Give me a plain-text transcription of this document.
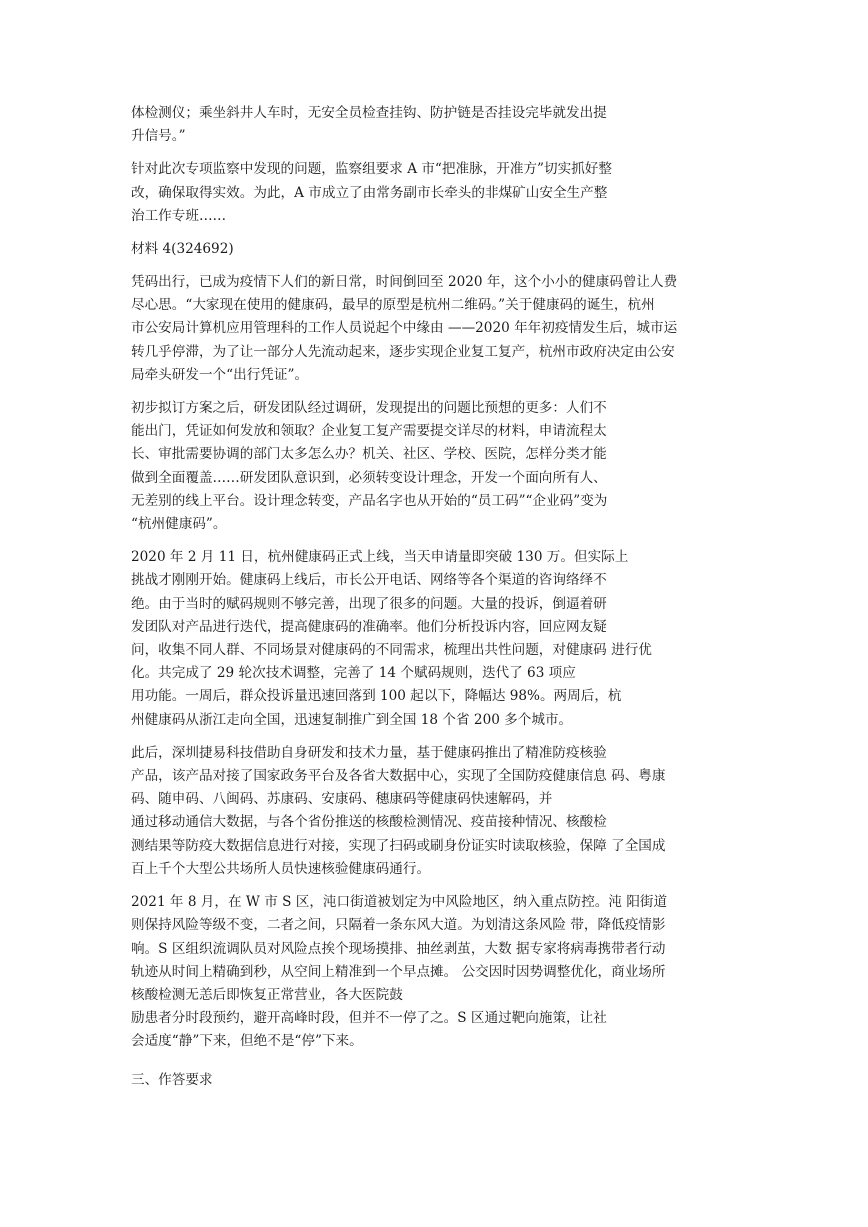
体检测仪；乘坐斜井人车时，无安全员检查挂钩、防护链是否挂设完毕就发出提
升信号。”
针对此次专项监察中发现的问题，监察组要求 A 市“把准脉，开准方”切实抓好整
改，确保取得实效。为此，A 市成立了由常务副市长牵头的非煤矿山安全生产整
治工作专班……
材料 4(324692)
凭码出行，已成为疫情下人们的新日常，时间倒回至 2020 年，这个小小的健康码曾让人费
尽心思。“大家现在使用的健康码，最早的原型是杭州二维码。”关于健康码的诞生，杭州
市公安局计算机应用管理科的工作人员说起个中缘由 ——2020 年年初疫情发生后，城市运
转几乎停滞，为了让一部分人先流动起来，逐步实现企业复工复产，杭州市政府决定由公安
局牵头研发一个“出行凭证”。
初步拟订方案之后，研发团队经过调研，发现提出的问题比预想的更多：人们不
能出门，凭证如何发放和领取？企业复工复产需要提交详尽的材料，申请流程太
长、审批需要协调的部门太多怎么办？机关、社区、学校、医院，怎样分类才能
做到全面覆盖……研发团队意识到，必须转变设计理念，开发一个面向所有人、
无差别的线上平台。设计理念转变，产品名字也从开始的“员工码”“企业码”变为
“杭州健康码”。
2020 年 2 月 11 日，杭州健康码正式上线，当天申请量即突破 130 万。但实际上
挑战才刚刚开始。健康码上线后，市长公开电话、网络等各个渠道的咨询络绎不
绝。由于当时的赋码规则不够完善，出现了很多的问题。大量的投诉，倒逼着研
发团队对产品进行迭代，提高健康码的准确率。他们分析投诉内容，回应网友疑
问，收集不同人群、不同场景对健康码的不同需求，梳理出共性问题，对健康码 进行优
化。共完成了 29 轮次技术调整，完善了 14 个赋码规则，迭代了 63 项应
用功能。一周后，群众投诉量迅速回落到 100 起以下，降幅达 98%。两周后，杭
州健康码从浙江走向全国，迅速复制推广到全国 18 个省 200 多个城市。
此后，深圳捷易科技借助自身研发和技术力量，基于健康码推出了精准防疫核验
产品，该产品对接了国家政务平台及各省大数据中心，实现了全国防疫健康信息 码、粤康
码、随申码、八闽码、苏康码、安康码、穗康码等健康码快速解码，并
通过移动通信大数据，与各个省份推送的核酸检测情况、疫苗接种情况、核酸检
测结果等防疫大数据信息进行对接，实现了扫码或刷身份证实时读取核验，保障 了全国成
百上千个大型公共场所人员快速核验健康码通行。
2021 年 8 月，在 W 市 S 区，沌口街道被划定为中风险地区，纳入重点防控。沌 阳街道
则保持风险等级不变，二者之间，只隔着一条东风大道。为划清这条风险 带，降低疫情影
响。S 区组织流调队员对风险点挨个现场摸排、抽丝剥茧，大数 据专家将病毒携带者行动
轨迹从时间上精确到秒，从空间上精准到一个早点摊。 公交因时因势调整优化，商业场所
核酸检测无恙后即恢复正常营业，各大医院鼓
励患者分时段预约，避开高峰时段，但并不一停了之。S 区通过靶向施策，让社
会适度“静”下来，但绝不是“停”下来。
三、作答要求
